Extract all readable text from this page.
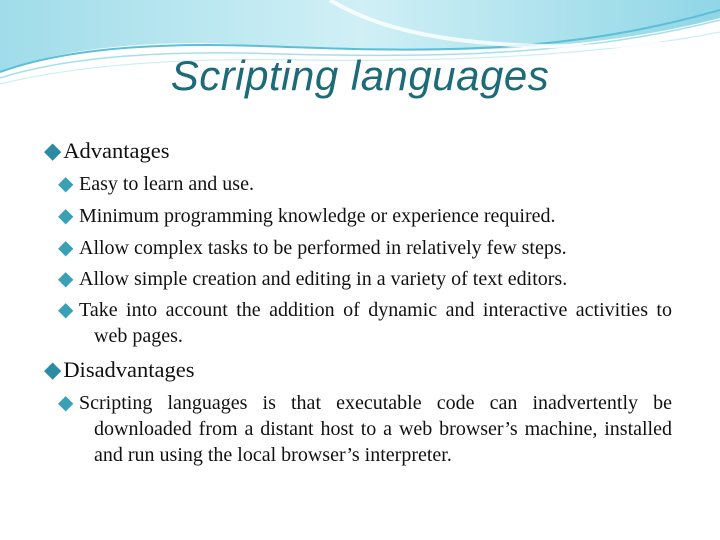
Scripting languages
◆Advantages
◆ Easy to learn and use.
◆ Minimum programming knowledge or experience required.
◆ Allow complex tasks to be performed in relatively few steps.
◆ Allow simple creation and editing in a variety of text editors.
◆ Take into account the addition of dynamic and interactive activities to web pages.
◆Disadvantages
◆ Scripting languages is that executable code can inadvertently be downloaded from a distant host to a web browser’s machine, installed and run using the local browser’s interpreter.
